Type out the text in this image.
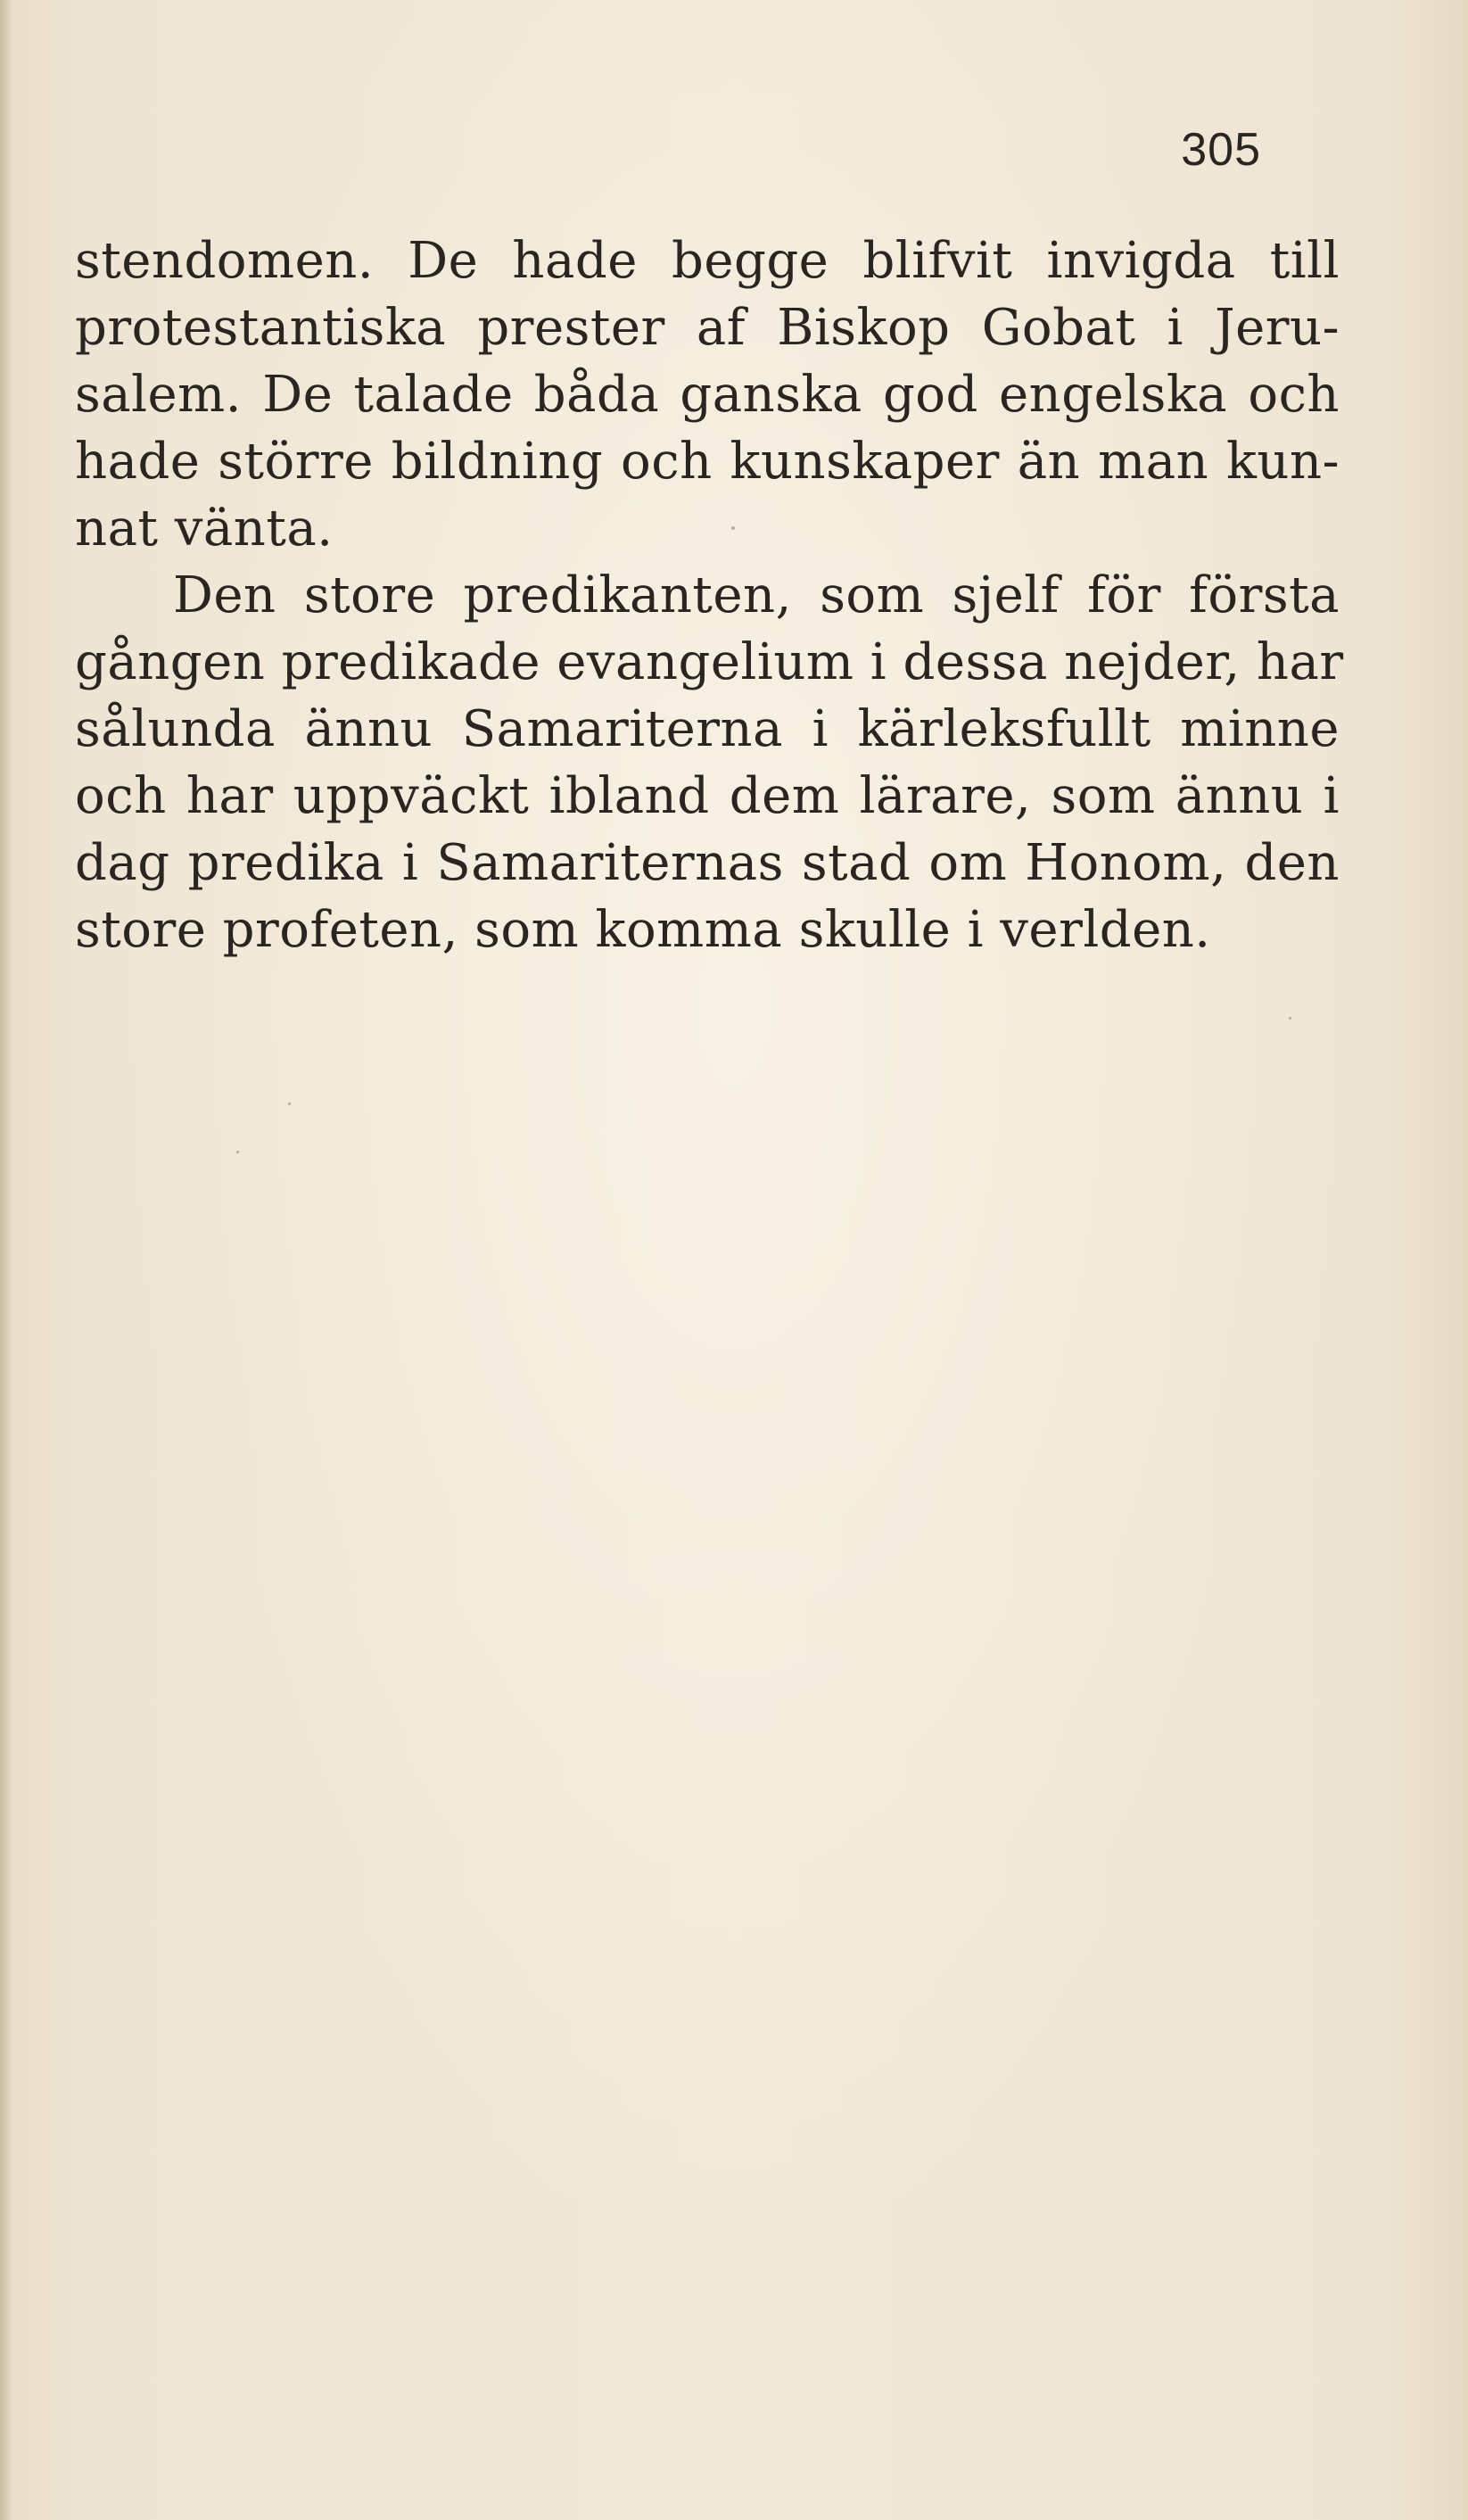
305

stendomen. De hade begge blifvit invigda till
protestantiska prester af Biskop Gobat i Jeru-
salem. De talade båda ganska god engelska och
hade större bildning och kunskaper än man kun-
nat vänta.
Den store predikanten, som sjelf för första
gången predikade evangelium i dessa nejder, har
sålunda ännu Samariterna i kärleksfullt minne
och har uppväckt ibland dem lärare, som ännu i
dag predika i Samariternas stad om Honom, den
store profeten, som komma skulle i verlden.
